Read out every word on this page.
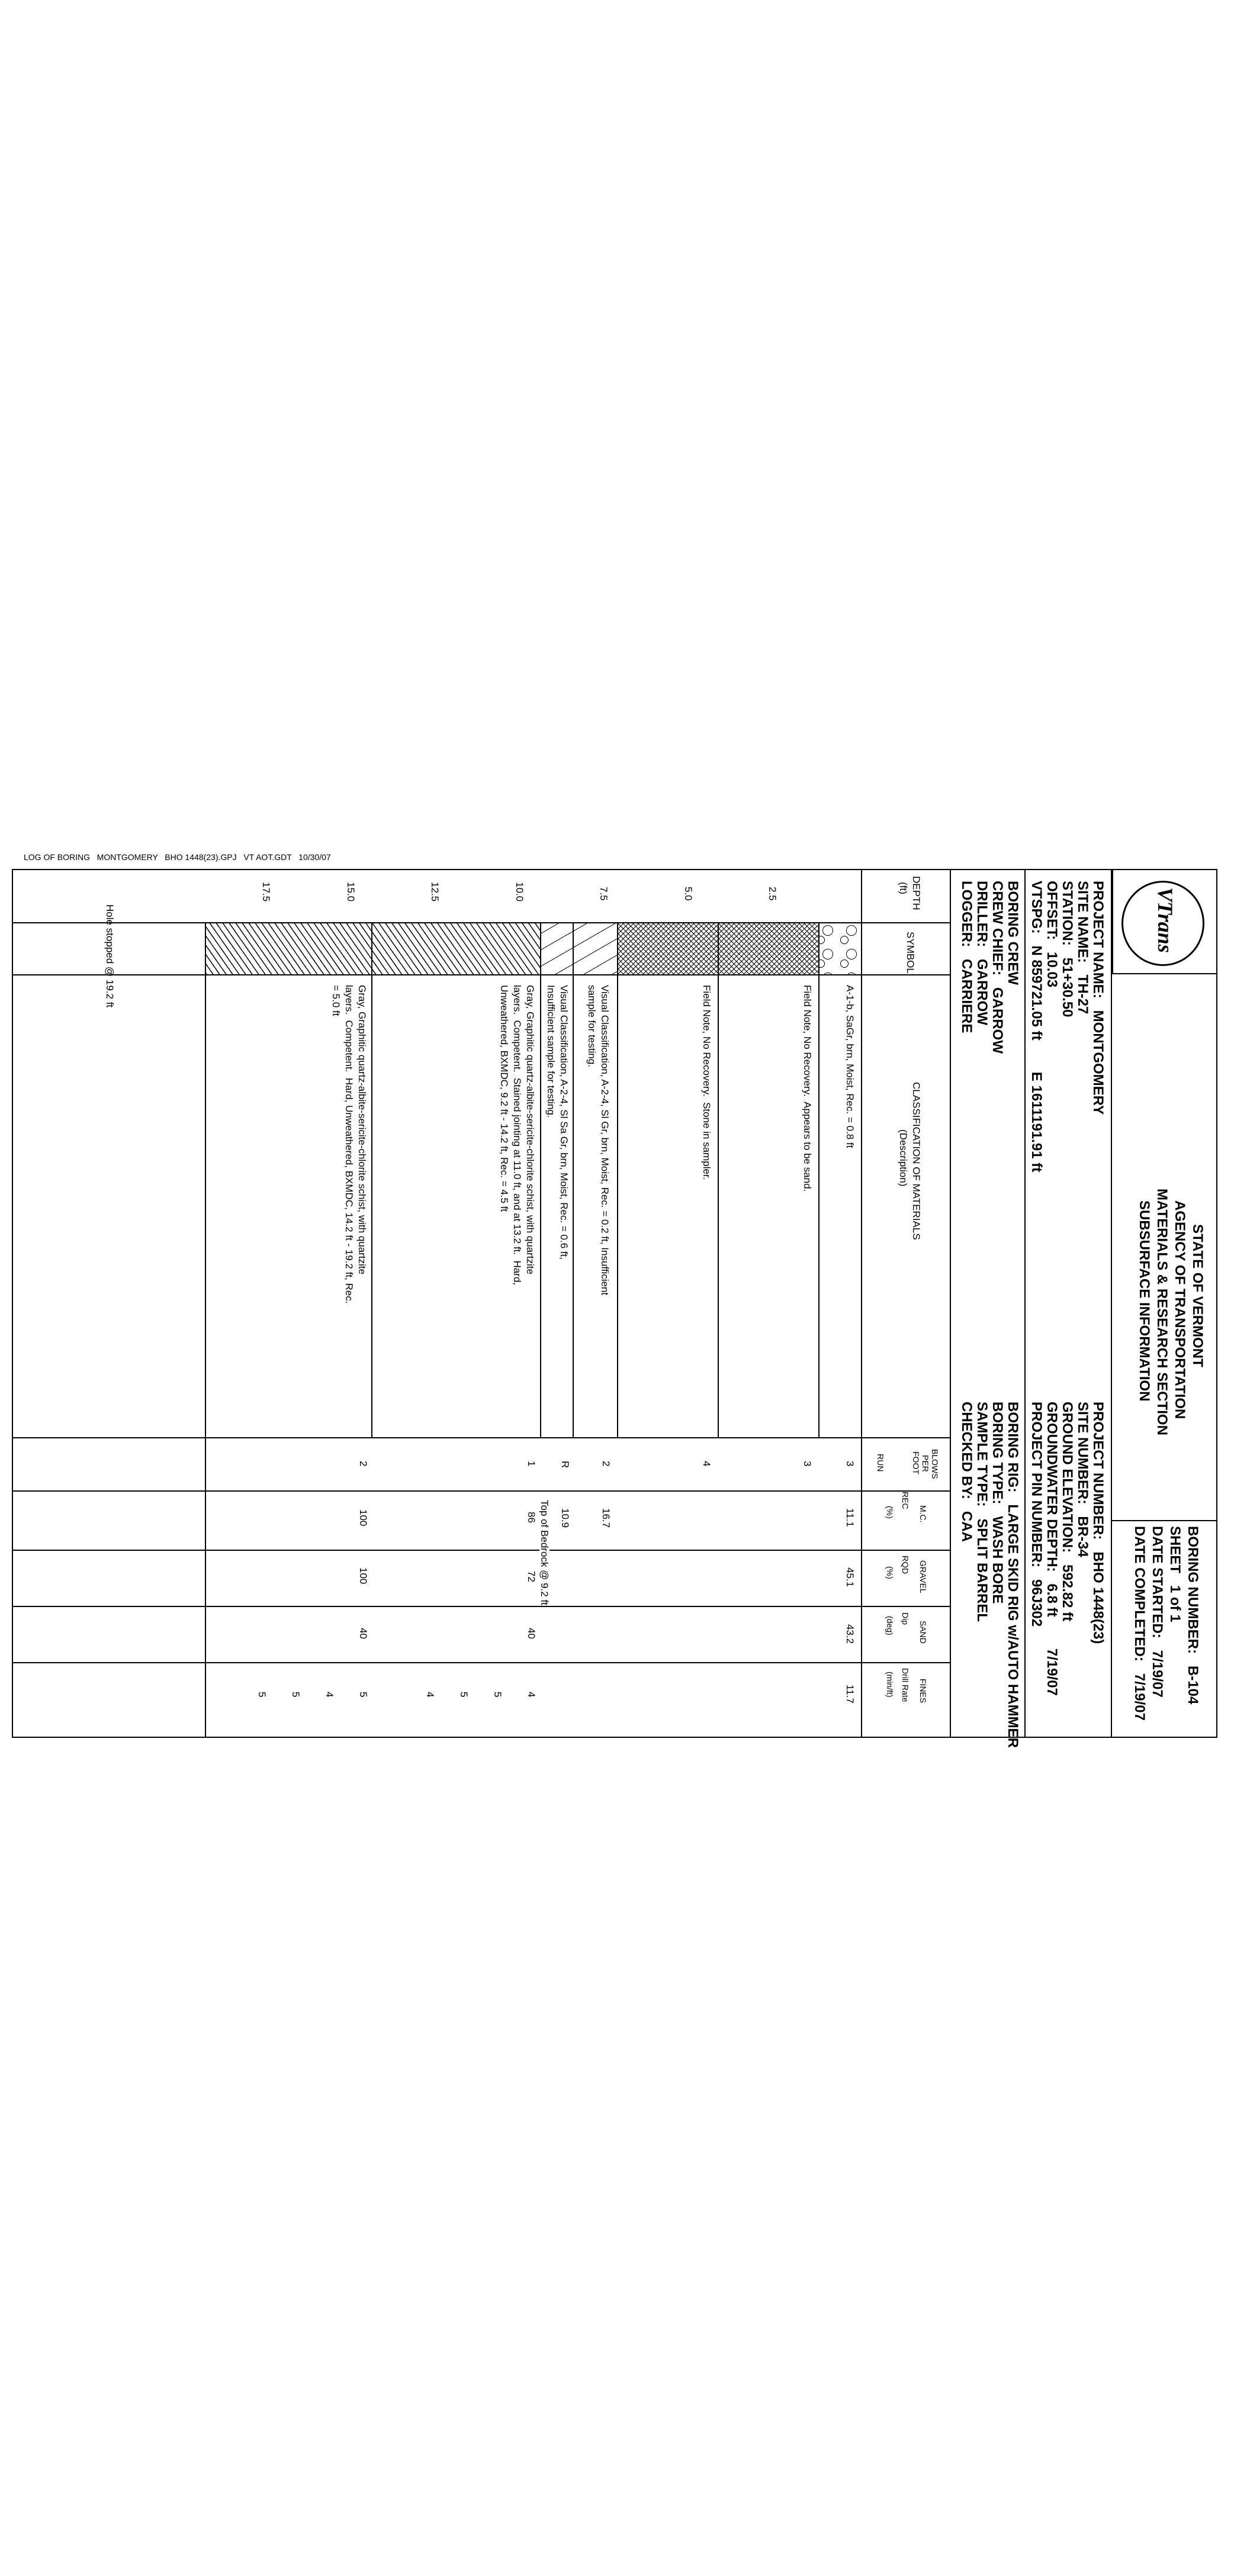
VTrans
STATE OF VERMONT
AGENCY OF TRANSPORTATION
MATERIALS & RESEARCH SECTION
SUBSURFACE INFORMATION
BORING NUMBER:   B-104
SHEET   1 of 1
DATE STARTED:   7/19/07
DATE COMPLETED:   7/19/07
PROJECT NAME:   MONTGOMERY
SITE NAME:   TH-27
STATION:   51+30.50
OFFSET:   10.03
VTSPG:   N 859721.05 ft        E 1611191.91 ft
PROJECT NUMBER:   BHO 1448(23)
SITE NUMBER:   BR-34
GROUND ELEVATION:   592.82 ft
GROUNDWATER DEPTH:   6.8 ft        7/19/07
PROJECT PIN NUMBER:   96J302
BORING CREW
CREW CHIEF:   GARROW
DRILLER:   GARROW
LOGGER:   CARRIERE
BORING RIG:   LARGE SKID RIG w/AUTO HAMMER
BORING TYPE:   WASH BORE
SAMPLE TYPE:   SPLIT BARREL
CHECKED BY:   CAA
DEPTH
(ft)
SYMBOL
CLASSIFICATION OF MATERIALS
(Description)
BLOWS
PER
FOOT
RUN
M.C.
REC
(%)
GRAVEL
RQD
(%)
SAND
Dip
(deg)
FINES
Drill Rate
(min/ft)
2.5
5.0
7.5
10.0
12.5
15.0
17.5
A-1-b, SaGr, brn, Moist, Rec. = 0.8 ft
Field Note, No Recovery.  Appears to be sand.
Field Note, No Recovery.  Stone in sampler.
Visual Classification, A-2-4, Sl Gr, brn, Moist, Rec. = 0.2 ft, Insufficient
sample for testing.
Visual Classification, A-2-4, Sl Sa Gr, brn, Moist, Rec. = 0.6 ft,
Insufficient sample for testing.
Gray, Graphitic quartz-albite-sericite-chlorite schist, with quartzite
layers.  Competent.  Stained jointing at 11.0 ft, and at 13.2 ft.  Hard,
Unweathered, BXMDC, 9.2 ft - 14.2 ft, Rec. = 4.5 ft
Gray, Graphitic quartz-albite-sericite-chlorite schist, with quartzite
layers.  Competent.  Hard, Unweathered, BXMDC, 14.2 ft - 19.2 ft, Rec.
= 5.0 ft
Hole stopped @ 19.2 ft
3
3
4
2
R
1
2
11.1
16.7
10.9
86
100
45.1
72
100
43.2
40
40
11.7
4
5
5
4
5
4
5
5
Top of Bedrock @ 9.2 ft
LOG OF BORING   MONTGOMERY   BHO 1448(23).GPJ   VT AOT.GDT   10/30/07
